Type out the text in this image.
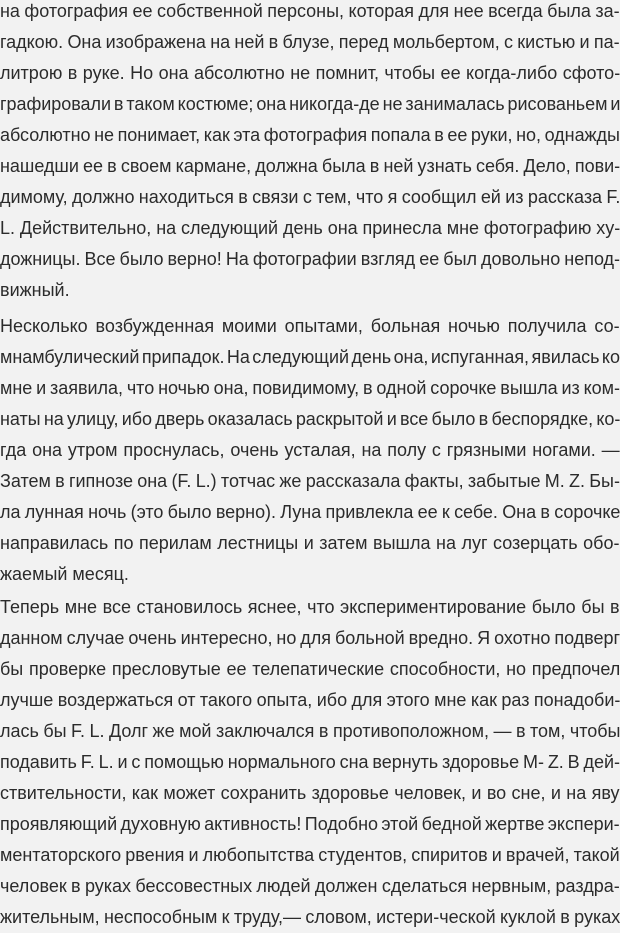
на фотография ее собственной персоны, которая для нее всегда была за-
гадкою. Она изображена на ней в блузе, перед мольбертом, с кистью и па-
литрою в руке. Но она абсолютно не помнит, чтобы ее когда-либо сфото-
графировали в таком костюме; она никогда-де не занималась рисованьем и
абсолютно не понимает, как эта фотография попала в ее руки, но, однажды
нашедши ее в своем кармане, должна была в ней узнать себя. Дело, пови-
димому, должно находиться в связи с тем, что я сообщил ей из рассказа F.
L. Действительно, на следующий день она принесла мне фотографию ху-
дожницы. Все было верно! На фотографии взгляд ее был довольно непод-
вижный.
Несколько возбужденная моими опытами, больная ночью получила со-
мнамбулический припадок. На следующий день она, испуганная, явилась ко
мне и заявила, что ночью она, повидимому, в одной сорочке вышла из ком-
наты на улицу, ибо дверь оказалась раскрытой и все было в беспорядке, ко-
гда она утром проснулась, очень усталая, на полу с грязными ногами. —
Затем в гипнозе она (F. L.) тотчас же рассказала факты, забытые M. Z. Бы-
ла лунная ночь (это было верно). Луна привлекла ее к себе. Она в сорочке
направилась по перилам лестницы и затем вышла на луг созерцать обо-
жаемый месяц.
Теперь мне все становилось яснее, что экспериментирование было бы в
данном случае очень интересно, но для больной вредно. Я охотно подверг
бы проверке пресловутые ее телепатические способности, но предпочел
лучше воздержаться от такого опыта, ибо для этого мне как раз понадоби-
лась бы F. L. Долг же мой заключался в противоположном, — в том, чтобы
подавить F. L. и с помощью нормального сна вернуть здоровье M- Z. В дей-
ствительности, как может сохранить здоровье человек, и во сне, и на яву
проявляющий духовную активность! Подобно этой бедной жертве экспери-
ментаторского рвения и любопытства студентов, спиритов и врачей, такой
человек в руках бессовестных людей должен сделаться нервным, раздра-
жительным, неспособным к труду,— словом, истери-ческой куклой в руках
